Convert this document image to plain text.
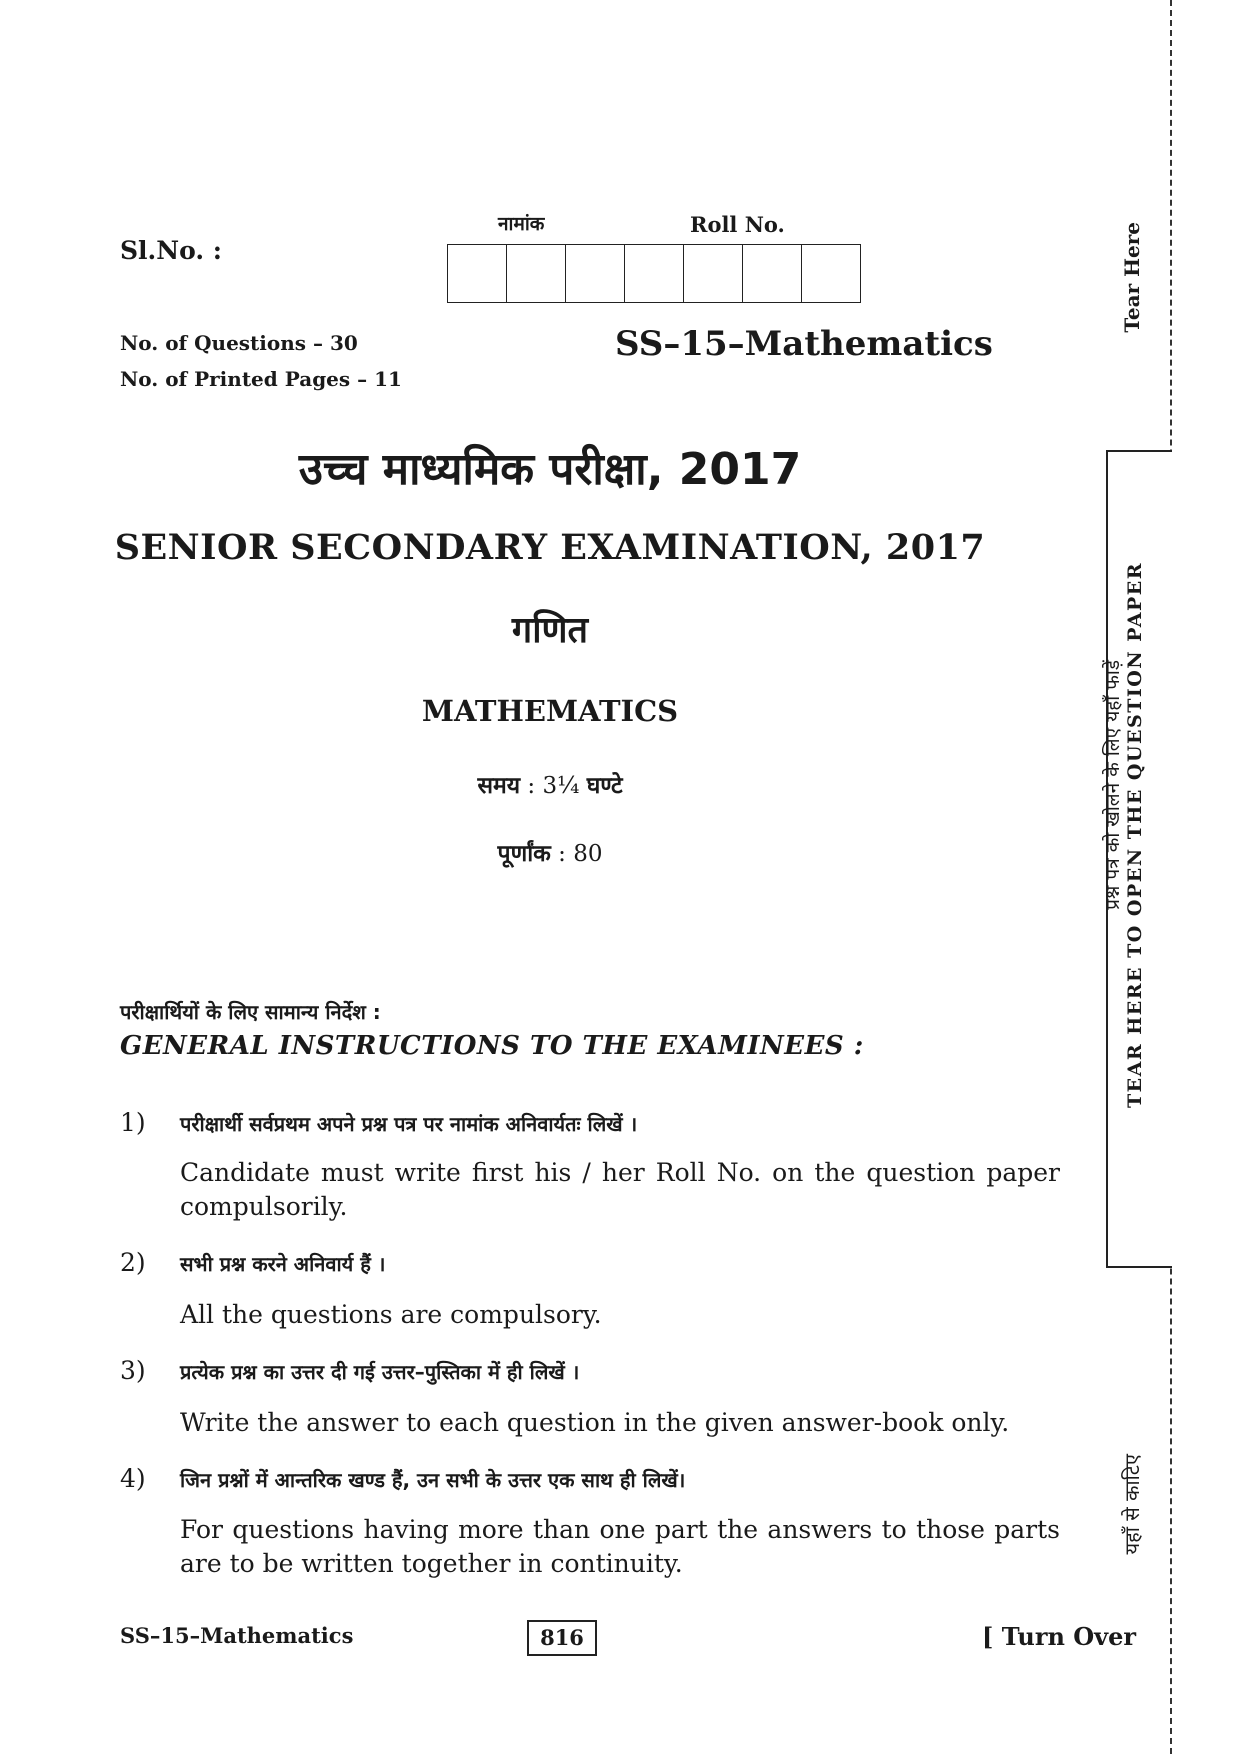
Sl.No. :
नामांक	Roll No.
No. of Questions – 30
No. of Printed Pages – 11
SS–15–Mathematics
उच्च माध्यमिक परीक्षा, 2017
SENIOR SECONDARY EXAMINATION, 2017
गणित
MATHEMATICS
समय : 3¼ घण्टे
पूर्णांक : 80
परीक्षार्थियों के लिए सामान्य निर्देश :
GENERAL INSTRUCTIONS TO THE EXAMINEES :
1) परीक्षार्थी सर्वप्रथम अपने प्रश्न पत्र पर नामांक अनिवार्यतः लिखें ।
Candidate must write first his / her Roll No. on the question paper compulsorily.
2) सभी प्रश्न करने अनिवार्य हैं ।
All the questions are compulsory.
3) प्रत्येक प्रश्न का उत्तर दी गई उत्तर–पुस्तिका में ही लिखें ।
Write the answer to each question in the given answer-book only.
4) जिन प्रश्नों में आन्तरिक खण्ड हैं, उन सभी के उत्तर एक साथ ही लिखें।
For questions having more than one part the answers to those parts are to be written together in continuity.
SS–15–Mathematics	816	[ Turn Over
Tear Here
TEAR HERE TO OPEN THE QUESTION PAPER
प्रश्न पत्र को खोलने के लिए यहाँ फाड़ें
यहाँ से काटिए
